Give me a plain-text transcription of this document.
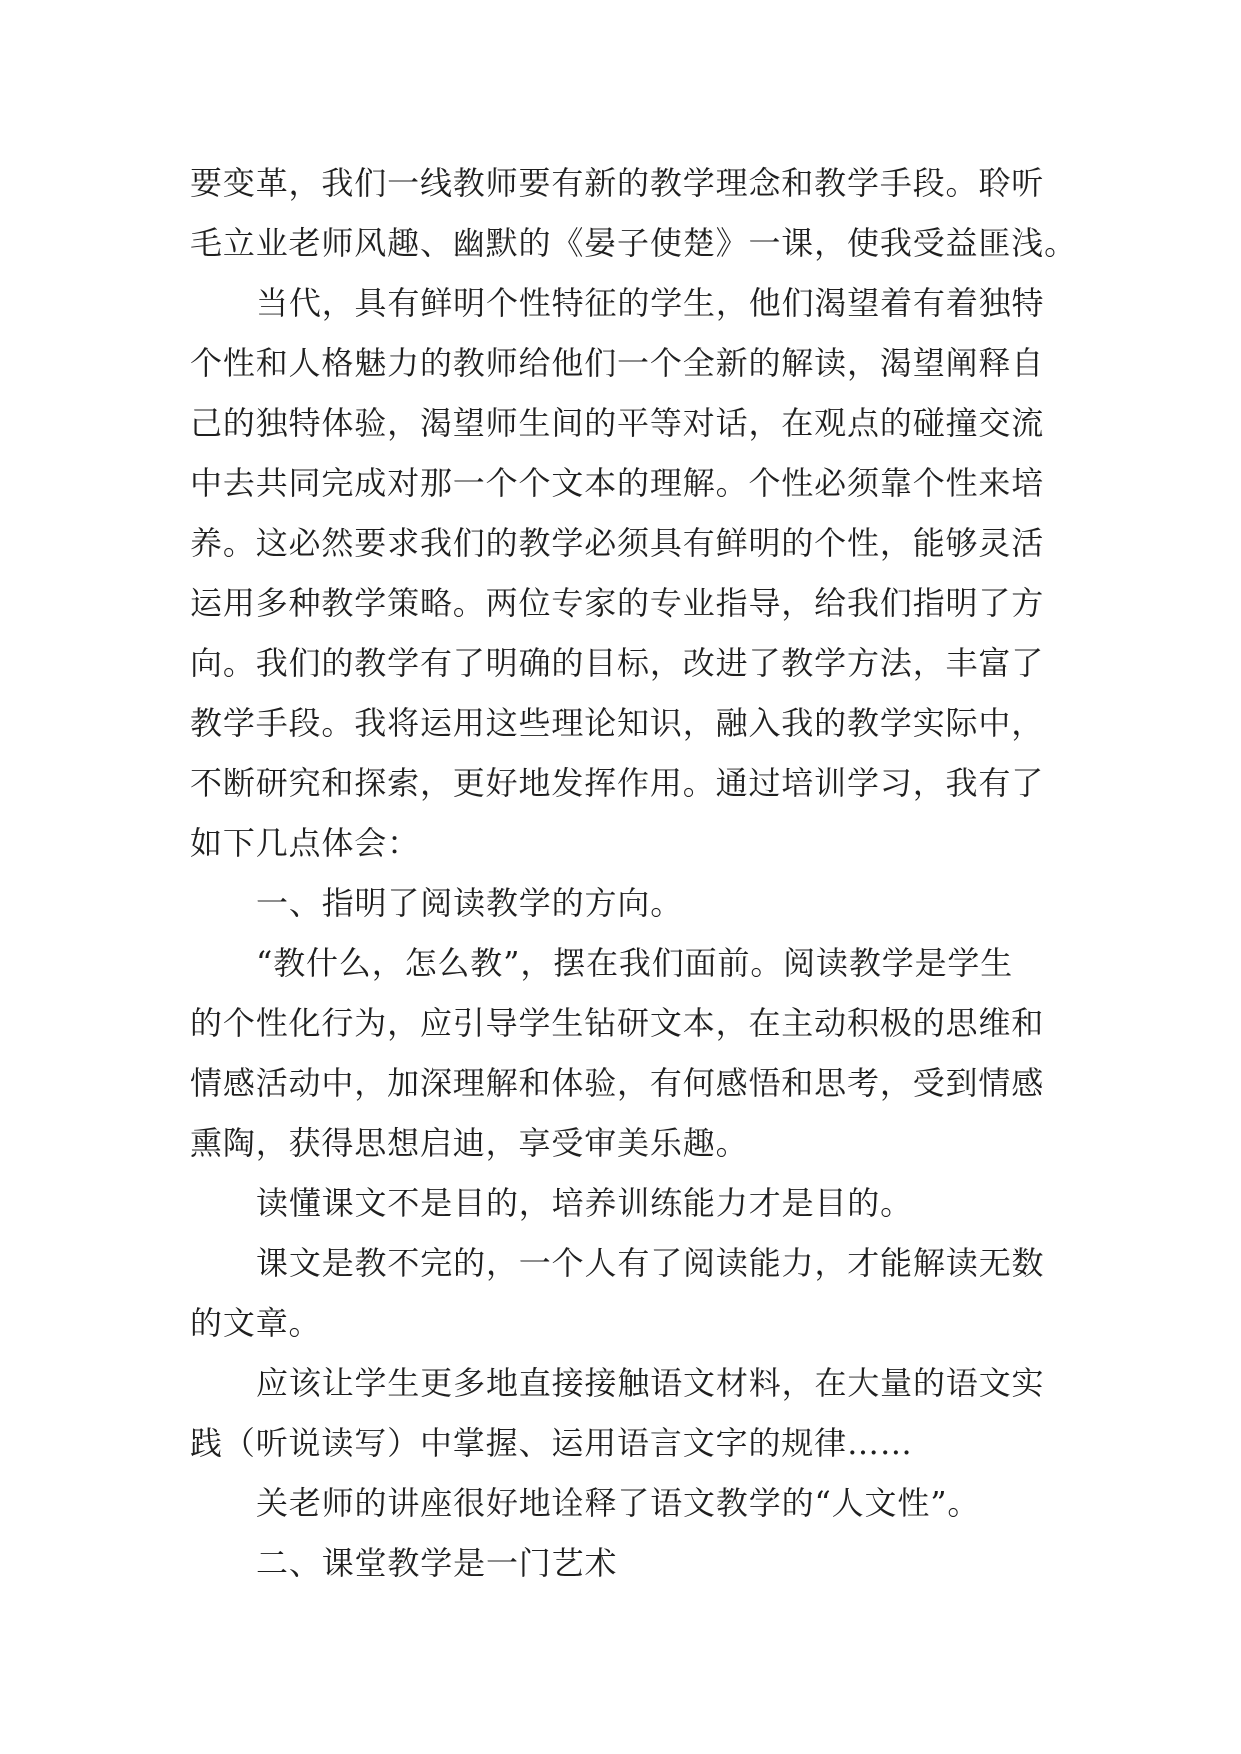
要变革，我们一线教师要有新的教学理念和教学手段。聆听
毛立业老师风趣、幽默的《晏子使楚》一课，使我受益匪浅。
当代，具有鲜明个性特征的学生，他们渴望着有着独特
个性和人格魅力的教师给他们一个全新的解读，渴望阐释自
己的独特体验，渴望师生间的平等对话，在观点的碰撞交流
中去共同完成对那一个个文本的理解。个性必须靠个性来培
养。这必然要求我们的教学必须具有鲜明的个性，能够灵活
运用多种教学策略。两位专家的专业指导，给我们指明了方
向。我们的教学有了明确的目标，改进了教学方法，丰富了
教学手段。我将运用这些理论知识，融入我的教学实际中，
不断研究和探索，更好地发挥作用。通过培训学习，我有了
如下几点体会：
一、指明了阅读教学的方向。
“教什么，怎么教”，摆在我们面前。阅读教学是学生
的个性化行为，应引导学生钻研文本，在主动积极的思维和
情感活动中，加深理解和体验，有何感悟和思考，受到情感
熏陶，获得思想启迪，享受审美乐趣。
读懂课文不是目的，培养训练能力才是目的。
课文是教不完的，一个人有了阅读能力，才能解读无数
的文章。
应该让学生更多地直接接触语文材料，在大量的语文实
践（听说读写）中掌握、运用语言文字的规律……
关老师的讲座很好地诠释了语文教学的“人文性”。
二、课堂教学是一门艺术
